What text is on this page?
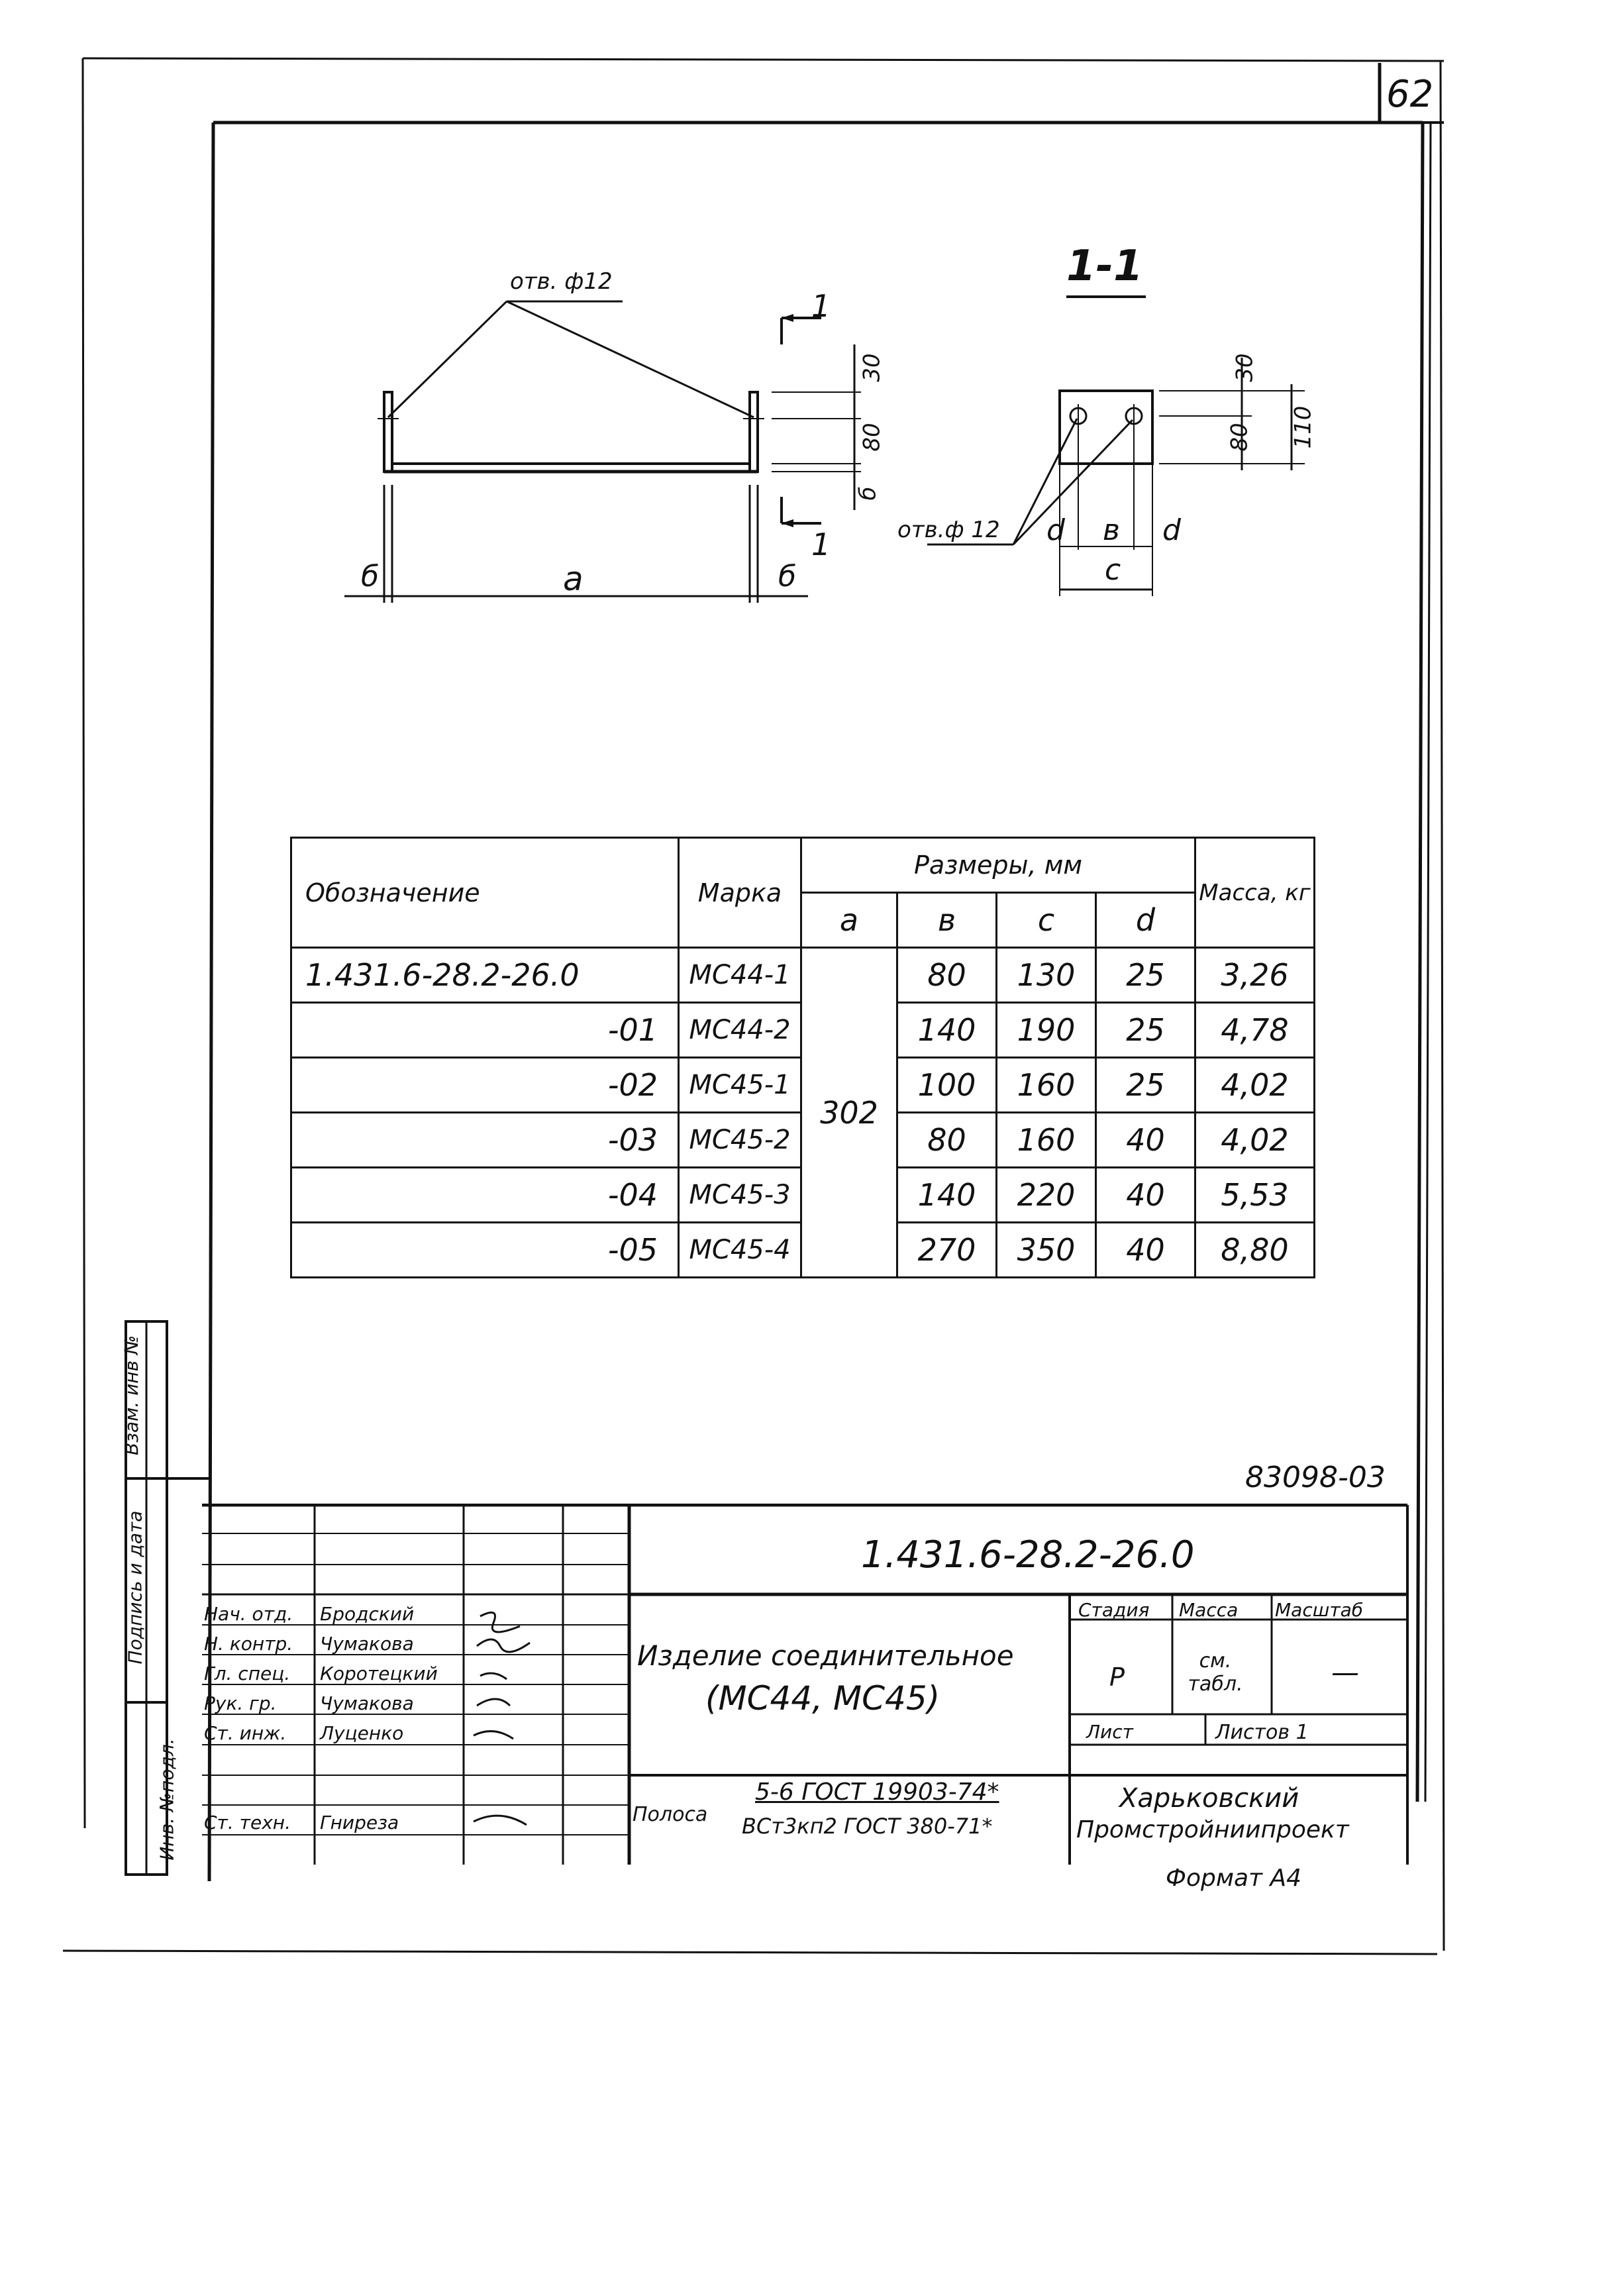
62
отв. ф12
30
80
б
1
1
a
б	б
1-1
30
80 110
отв.ф 12 d в d
c
Обозначение	Марка	Размеры, мм				Масса, кг
		a	в	c	d	
1.431.6-28.2-26.0	МС44-1	302	80	130	25	3,26
-01	МС44-2		140	190	25	4,78
-02	МС45-1		100	160	25	4,02
-03	МС45-2		80	160	40	4,02
-04	МС45-3		140	220	40	5,53
-05	МС45-4		270	350	40	8,80
Взам. инв №
Подпись и дата
Инв. №подл.
83098-03
1.431.6-28.2-26.0
Изделие соединительное
(МС44, МС45)
Стадия Масса Масштаб
Р
см. табл.	—
Лист	Листов 1
Полоса
5-6 ГОСТ 19903-74*
ВСт3кп2 ГОСТ 380-71*
Харьковский
Промстройниипроект
Формат А4
Нач. отд. Бродский
Н. контр. Чумакова
Гл. спец. Коротецкий
Рук. гр. Чумакова
Ст. инж. Луценко
Ст. техн. Гниреза
